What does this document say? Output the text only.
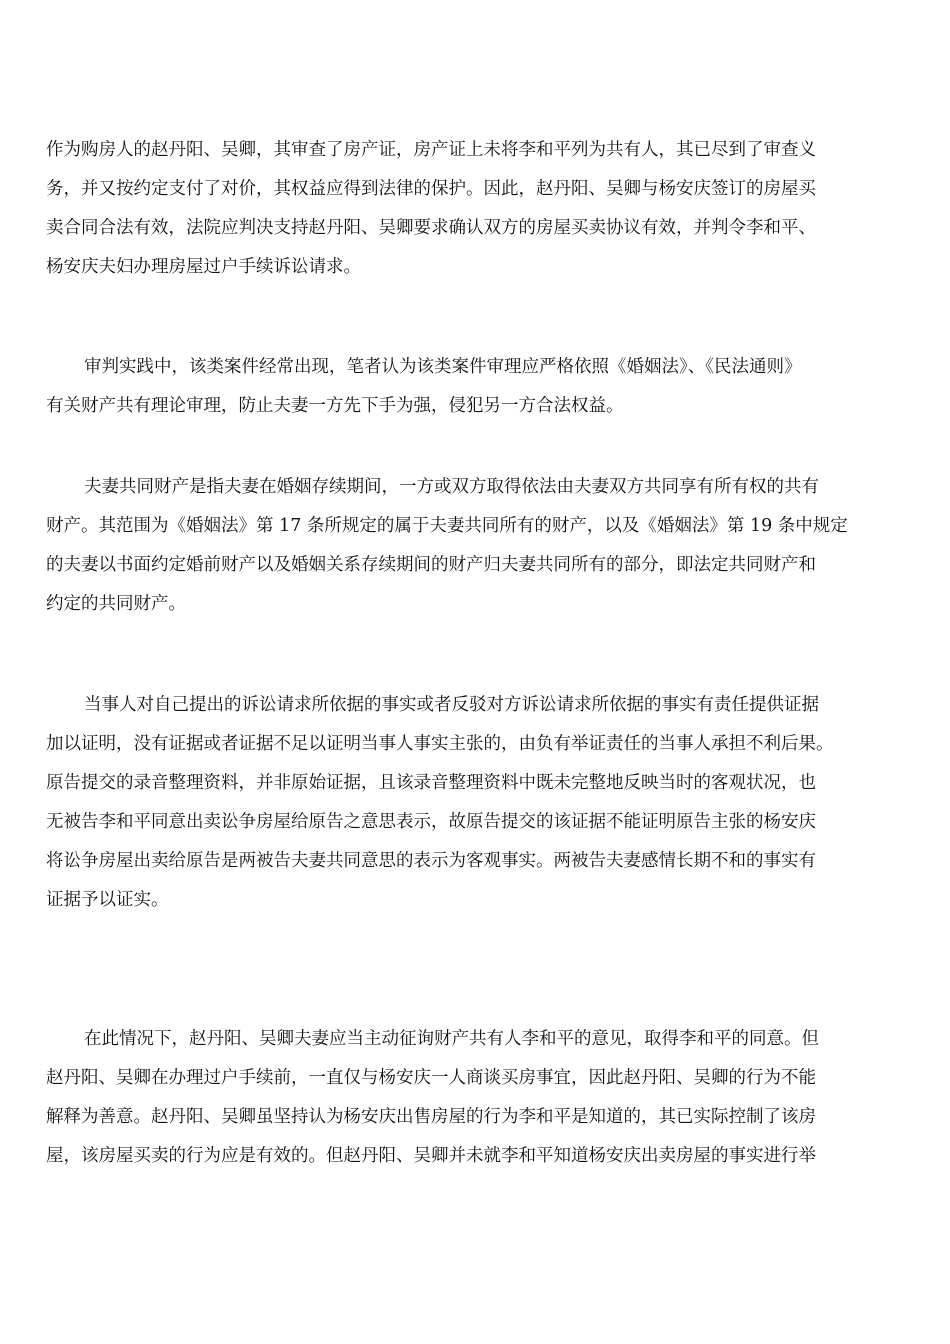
作为购房人的赵丹阳、吴卿，其审查了房产证，房产证上未将李和平列为共有人，其已尽到了审查义
务，并又按约定支付了对价，其权益应得到法律的保护。因此，赵丹阳、吴卿与杨安庆签订的房屋买
卖合同合法有效，法院应判决支持赵丹阳、吴卿要求确认双方的房屋买卖协议有效，并判令李和平、
杨安庆夫妇办理房屋过户手续诉讼请求。
审判实践中，该类案件经常出现，笔者认为该类案件审理应严格依照《婚姻法》、《民法通则》
有关财产共有理论审理，防止夫妻一方先下手为强，侵犯另一方合法权益。
夫妻共同财产是指夫妻在婚姻存续期间，一方或双方取得依法由夫妻双方共同享有所有权的共有
财产。其范围为《婚姻法》第 17 条所规定的属于夫妻共同所有的财产，以及《婚姻法》第 19 条中规定
的夫妻以书面约定婚前财产以及婚姻关系存续期间的财产归夫妻共同所有的部分，即法定共同财产和
约定的共同财产。
当事人对自己提出的诉讼请求所依据的事实或者反驳对方诉讼请求所依据的事实有责任提供证据
加以证明，没有证据或者证据不足以证明当事人事实主张的，由负有举证责任的当事人承担不利后果。
原告提交的录音整理资料，并非原始证据，且该录音整理资料中既未完整地反映当时的客观状况，也
无被告李和平同意出卖讼争房屋给原告之意思表示，故原告提交的该证据不能证明原告主张的杨安庆
将讼争房屋出卖给原告是两被告夫妻共同意思的表示为客观事实。两被告夫妻感情长期不和的事实有
证据予以证实。
在此情况下，赵丹阳、吴卿夫妻应当主动征询财产共有人李和平的意见，取得李和平的同意。但
赵丹阳、吴卿在办理过户手续前，一直仅与杨安庆一人商谈买房事宜，因此赵丹阳、吴卿的行为不能
解释为善意。赵丹阳、吴卿虽坚持认为杨安庆出售房屋的行为李和平是知道的，其已实际控制了该房
屋，该房屋买卖的行为应是有效的。但赵丹阳、吴卿并未就李和平知道杨安庆出卖房屋的事实进行举
